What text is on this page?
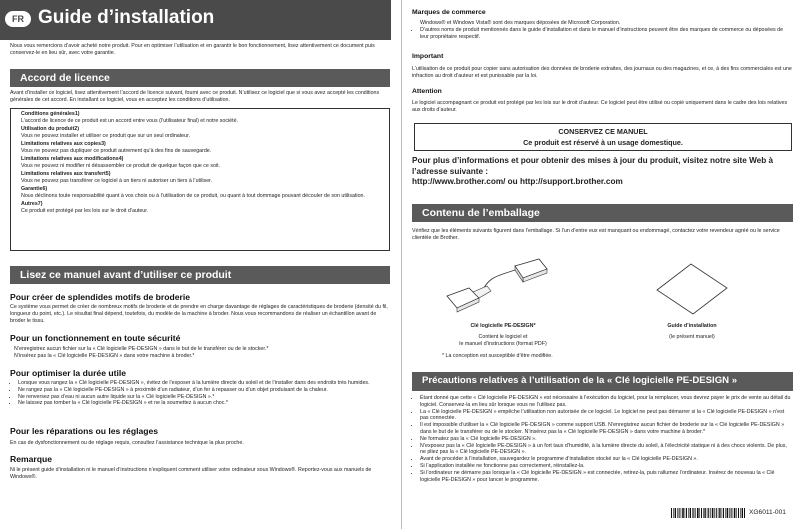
FR Guide d’installation
Nous vous remercions d’avoir acheté notre produit. Pour en optimiser l’utilisation et en garantir le bon fonctionnement, lisez attentivement ce document puis conservez-le en lieu sûr, avec votre garantie.
Accord de licence
Avant d’installer ce logiciel, lisez attentivement l’accord de licence suivant, fourni avec ce produit. N’utilisez ce logiciel que si vous avez accepté les conditions générales de cet accord. En installant ce logiciel, vous en acceptez les conditions d’utilisation.
Conditions générales1)
L’accord de licence de ce produit est un accord entre vous (l’utilisateur final) et notre société.
Utilisation du produit2)
Vous ne pouvez installer et utiliser ce produit que sur un seul ordinateur.
Limitations relatives aux copies3)
Vous ne pouvez pas dupliquer ce produit autrement qu’à des fins de sauvegarde.
Limitations relatives aux modifications4)
Vous ne pouvez ni modifier ni désassembler ce produit de quelque façon que ce soit.
Limitations relatives aux transfert5)
Vous ne pouvez pas transférer ce logiciel à un tiers ni autoriser un tiers à l’utiliser.
Garantie6)
Nous déclinons toute responsabilité quant à vos choix ou à l’utilisation de ce produit, ou quant à tout dommage pouvant découler de son utilisation.
Autres7)
Ce produit est protégé par les lois sur le droit d’auteur.
Lisez ce manuel avant d’utiliser ce produit
Pour créer de splendides motifs de broderie
Ce système vous permet de créer de nombreux motifs de broderie et de prendre en charge davantage de réglages de caractéristiques de broderie (densité du fil, longueur du point, etc.). Le résultat final dépend, toutefois, du modèle de la machine à broder. Nous vous recommandons de réaliser un échantillon avant de broder le tissu.
Pour un fonctionnement en toute sécurité
N’enregistrez aucun fichier sur la « Clé logicielle PE-DESIGN » dans le but de le transférer ou de le stocker.*
N’insérez pas la « Clé logicielle PE-DESIGN » dans votre machine à broder.*
Pour optimiser la durée utile
• Lorsque vous rangez la « Clé logicielle PE-DESIGN », évitez de l’exposer à la lumière directe du soleil et de l’installer dans des endroits très humides.
• Ne rangez pas la « Clé logicielle PE-DESIGN » à proximité d’un radiateur, d’un fer à repasser ou d’un objet produisant de la chaleur.
• Ne renversez pas d’eau ni aucun autre liquide sur la « Clé logicielle PE-DESIGN ».*
• Ne laissez pas tomber la « Clé logicielle PE-DESIGN » et ne la soumettez à aucun choc.*
Pour les réparations ou les réglages
En cas de dysfonctionnement ou de réglage requis, consultez l’assistance technique la plus proche.
Remarque
Ni le présent guide d’installation ni le manuel d’instructions n’expliquent comment utiliser votre ordinateur sous Windows®. Reportez-vous aux manuels de Windows®.
Marques de commerce
Windows® et Windows Vista® sont des marques déposées de Microsoft Corporation.
• D’autres noms de produit mentionnés dans le guide d’installation et dans le manuel d’instructions peuvent être des marques de commerce ou déposées de leur propriétaire respectif.
Important
L’utilisation de ce produit pour copier sans autorisation des données de broderie extraites, des journaux ou des magazines, et ce, à des fins commerciales est une infraction au droit d’auteur et est punissable par la loi.
Attention
Le logiciel accompagnant ce produit est protégé par les lois sur le droit d’auteur. Ce logiciel peut être utilisé ou copié uniquement dans le cadre des lois relatives aux droits d’auteur.
CONSERVEZ CE MANUEL
Ce produit est réservé à un usage domestique.
Pour plus d’informations et pour obtenir des mises à jour du produit, visitez notre site Web à l’adresse suivante :
http://www.brother.com/ ou http://support.brother.com
Contenu de l’emballage
Vérifiez que les éléments suivants figurent dans l’emballage. Si l’un d’entre eux est manquant ou endommagé, contactez votre revendeur agréé ou le service clientèle de Brother.
Clé logicielle PE-DESIGN*
Contient le logiciel et
le manuel d’instructions (format PDF)
Guide d’installation
(le présent manuel)
* La conception est susceptible d’être modifiée.
Précautions relatives à l’utilisation de la « Clé logicielle PE-DESIGN »
• Étant donné que cette « Clé logicielle PE-DESIGN » est nécessaire à l’exécution du logiciel, pour la remplacer, vous devrez payer le prix de vente au détail du logiciel. Conservez-la en lieu sûr lorsque vous ne l’utilisez pas.
• La « Clé logicielle PE-DESIGN » empêche l’utilisation non autorisée de ce logiciel. Le logiciel ne peut pas démarrer si la « Clé logicielle PE-DESIGN » n’est pas connectée.
• Il est impossible d’utiliser la « Clé logicielle PE-DESIGN » comme support USB. N’enregistrez aucun fichier de broderie sur la « Clé logicielle PE-DESIGN » dans le but de le transférer ou de le stocker. N’insérez pas la « Clé logicielle PE-DESIGN » dans votre machine à broder.*
• Ne formatez pas la « Clé logicielle PE-DESIGN ».
• N’exposez pas la « Clé logicielle PE-DESIGN » à un fort taux d’humidité, à la lumière directe du soleil, à l’électricité statique ni à des chocs violents. De plus, ne pliez pas la « Clé logicielle PE-DESIGN ».
• Avant de procéder à l’installation, sauvegardez le programme d’installation stocké sur la « Clé logicielle PE-DESIGN ».
• Si l’application installée ne fonctionne pas correctement, réinstallez-la.
• Si l’ordinateur ne démarre pas lorsque la « Clé logicielle PE-DESIGN » est connectée, retirez-la, puis rallumez l’ordinateur. Insérez de nouveau la « Clé logicielle PE-DESIGN » pour lancer le programme.
XG6011-001
